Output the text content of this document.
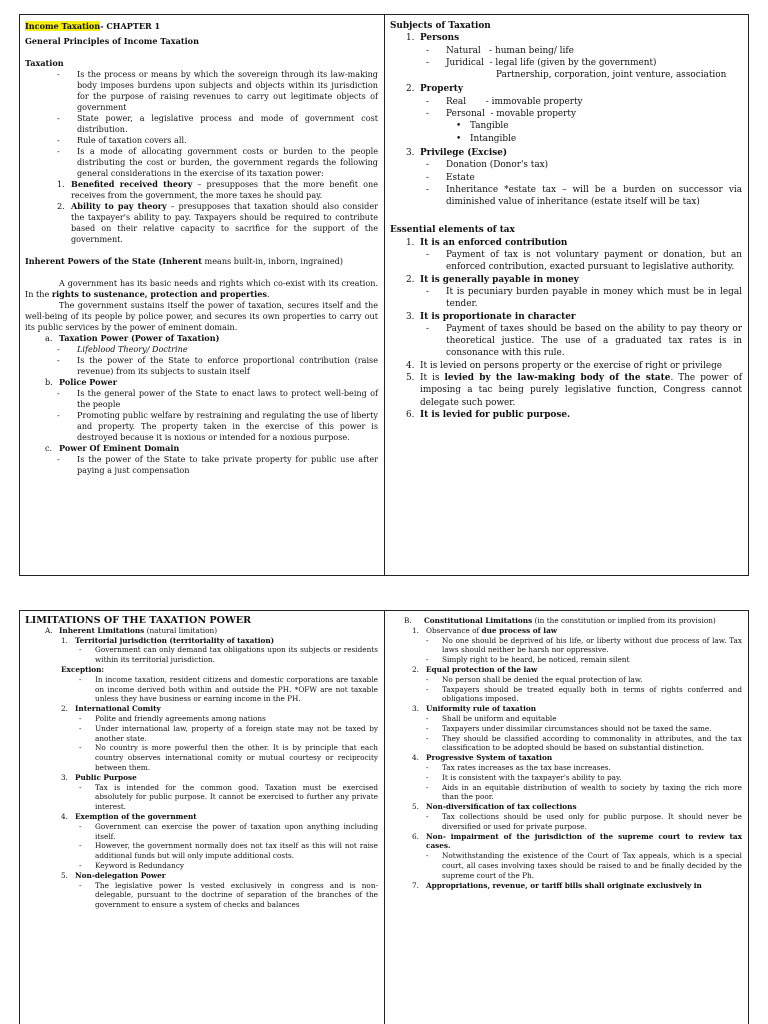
Income Taxation- CHAPTER 1
General Principles of Income Taxation
Taxation
-	Is the process or means by which the sovereign through its law-making body imposes burdens upon subjects and objects within its jurisdiction for the purpose of raising revenues to carry out legitimate objects of government
-	State power, a legislative process and mode of government cost distribution.
-	Rule of taxation covers all.
-	Is a mode of allocating government costs or burden to the people distributing the cost or burden, the government regards the following general considerations in the exercise of its taxation power:
1. Benefited received theory – presupposes that the more benefit one receives from the government, the more taxes he should pay.
2. Ability to pay theory – presupposes that taxation should also consider the taxpayer's ability to pay. Taxpayers should be required to contribute based on their relative capacity to sacrifice for the support of the government.
Inherent Powers of the State (Inherent means built-in, inborn, ingrained)
A government has its basic needs and rights which co-exist with its creation. In the rights to sustenance, protection and properties.
The government sustains itself the power of taxation, secures itself and the well-being of its people by police power, and secures its own properties to carry out its public services by the power of eminent domain.
a. Taxation Power (Power of Taxation)
-	Lifeblood Theory/ Doctrine
-	Is the power of the State to enforce proportional contribution (raise revenue) from its subjects to sustain itself
b. Police Power
-	Is the general power of the State to enact laws to protect well-being of the people
-	Promoting public welfare by restraining and regulating the use of liberty and property. The property taken in the exercise of this power is destroyed because it is noxious or intended for a noxious purpose.
c. Power Of Eminent Domain
-	Is the power of the State to take private property for public use after paying a just compensation
Subjects of Taxation
1. Persons
-	Natural   - human being/ life
-	Juridical  - legal life (given by the government)
Partnership, corporation, joint venture, association
2. Property
-	Real       - immovable property
-	Personal  - movable property
• Tangible
• Intangible
3. Privilege (Excise)
-	Donation (Donor's tax)
-	Estate
-	Inheritance *estate tax – will be a burden on successor via diminished value of inheritance (estate itself will be tax)
Essential elements of tax
1. It is an enforced contribution
-	Payment of tax is not voluntary payment or donation, but an enforced contribution, exacted pursuant to legislative authority.
2. It is generally payable in money
-	It is pecuniary burden payable in money which must be in legal tender.
3. It is proportionate in character
-	Payment of taxes should be based on the ability to pay theory or theoretical justice. The use of a graduated tax rates is in consonance with this rule.
4. It is levied on persons property or the exercise of right or privilege
5. It is levied by the law-making body of the state. The power of imposing a tac being purely legislative function, Congress cannot delegate such power.
6. It is levied for public purpose.
LIMITATIONS OF THE TAXATION POWER
A. Inherent Limitations (natural limitation)
1. Territorial jurisdiction (territoriality of taxation)
-	Government can only demand tax obligations upon its subjects or residents within its territorial jurisdiction.
Exception:
-	In income taxation, resident citizens and domestic corporations are taxable on income derived both within and outside the PH. *OFW are not taxable unless they have business or earning income in the PH.
2. International Comity
-	Polite and friendly agreements among nations
-	Under international law, property of a foreign state may not be taxed by another state.
-	No country is more powerful then the other. It is by principle that each country observes international comity or mutual courtesy or reciprocity between them.
3. Public Purpose
-	Tax is intended for the common good. Taxation must be exercised absolutely for public purpose. It cannot be exercised to further any private interest.
4. Exemption of the government
-	Government can exercise the power of taxation upon anything including itself.
-	However, the government normally does not tax itself as this will not raise additional funds but will only impute additional costs.
-	Keyword is Redundancy
5. Non-delegation Power
-	The legislative power Is vested exclusively in congress and is non-delegable, pursuant to the doctrine of separation of the branches of the government to ensure a system of checks and balances
B.	Constitutional Limitations (in the constitution or implied from its provision)
1. Observance of due process of law
-	No one should be deprived of his life, or liberty without due process of law. Tax laws should neither be harsh nor oppressive.
-	Simply right to be heard, be noticed, remain silent
2. Equal protection of the law
-	No person shall be denied the equal protection of law.
-	Taxpayers should be treated equally both in terms of rights conferred and obligations imposed.
3. Uniformity rule of taxation
-	Shall be uniform and equitable
-	Taxpayers under dissimilar circumstances should not be taxed the same.
-	They should be classified according to commonality in attributes, and the tax classification to be adopted should be based on substantial distinction.
4. Progressive System of taxation
-	Tax rates increases as the tax base increases.
-	It is consistent with the taxpayer's ability to pay.
-	Aids in an equitable distribution of wealth to society by taxing the rich more than the poor.
5. Non-diversification of tax collections
-	Tax collections should be used only for public purpose. It should never be diversified or used for private purpose.
6. Non- impairment of the jurisdiction of the supreme court to review tax cases.
-	Notwithstanding the existence of the Court of Tax appeals, which is a special court, all cases involving taxes should be raised to and be finally decided by the supreme court of the Ph.
7. Appropriations, revenue, or tariff bills shall originate exclusively in
